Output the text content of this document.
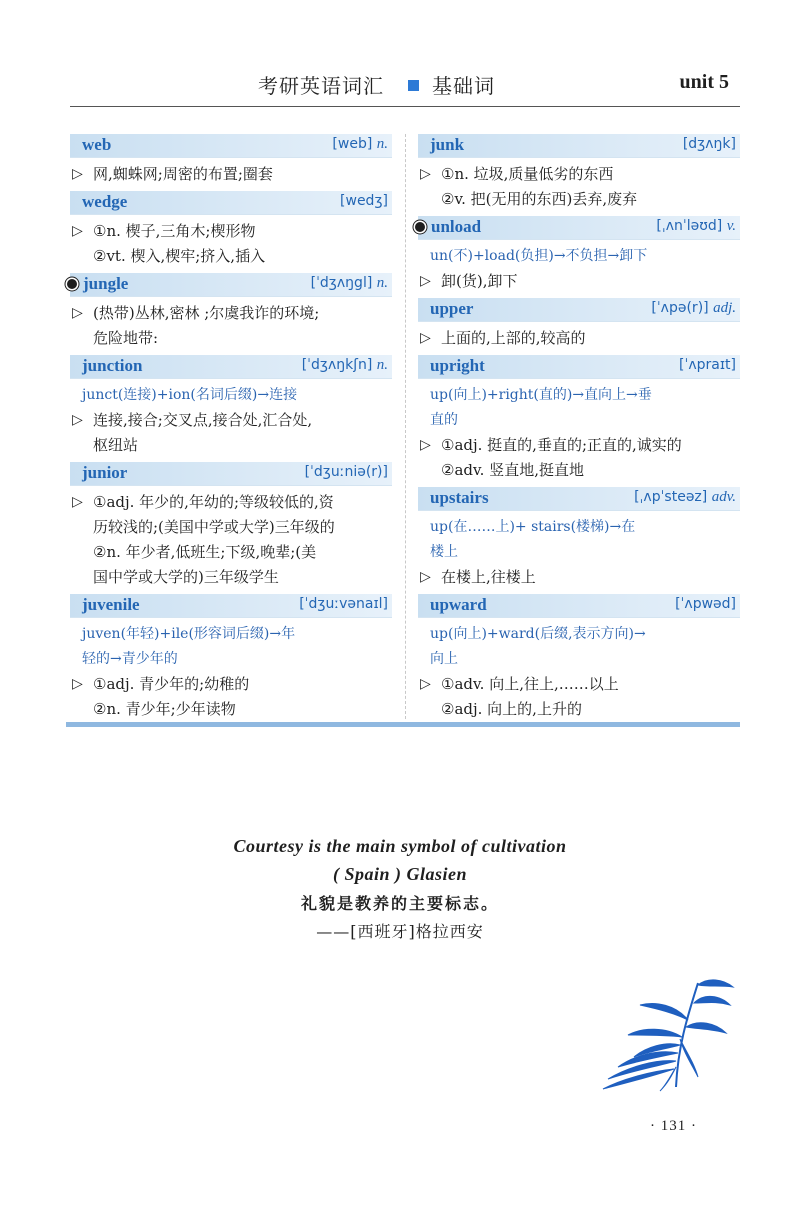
考研英语词汇 基础词	unit 5
web	[web] n.
▷ 网,蜘蛛网;周密的布置;圈套
wedge	[wedʒ]
▷ ①n. 楔子,三角木;楔形物
②vt. 楔入,楔牢;挤入,插入
jungle	[ˈdʒʌŋgl] n.
▷ (热带)丛林,密林 ;尔虞我诈的环境;
危险地带:
junction	[ˈdʒʌŋkʃn] n.
junct(连接)+ion(名词后缀)→连接
▷ 连接,接合;交叉点,接合处,汇合处,
枢纽站
junior	[ˈdʒuːniə(r)]
▷ ①adj. 年少的,年幼的;等级较低的,资
历较浅的;(美国中学或大学)三年级的
②n. 年少者,低班生;下级,晚辈;(美
国中学或大学的)三年级学生
juvenile	[ˈdʒuːvənaɪl]
juven(年轻)+ile(形容词后缀)→年
轻的→青少年的
▷ ①adj. 青少年的;幼稚的
②n. 青少年;少年读物
junk	[dʒʌŋk]
▷ ①n. 垃圾,质量低劣的东西
②v. 把(无用的东西)丢弃,废弃
unload	[ˌʌnˈləʊd] v.
un(不)+load(负担)→不负担→卸下
▷ 卸(货),卸下
upper	[ˈʌpə(r)] adj.
▷ 上面的,上部的,较高的
upright	[ˈʌpraɪt]
up(向上)+right(直的)→直向上→垂
直的
▷ ①adj. 挺直的,垂直的;正直的,诚实的
②adv. 竖直地,挺直地
upstairs	[ˌʌpˈsteəz] adv.
up(在……上)+ stairs(楼梯)→在
楼上
▷ 在楼上,往楼上
upward	[ˈʌpwəd]
up(向上)+ward(后缀,表示方向)→
向上
▷ ①adv. 向上,往上,……以上
②adj. 向上的,上升的
Courtesy is the main symbol of cultivation
( Spain ) Glasien
礼貌是教养的主要标志。
——[西班牙]格拉西安
· 131 ·
